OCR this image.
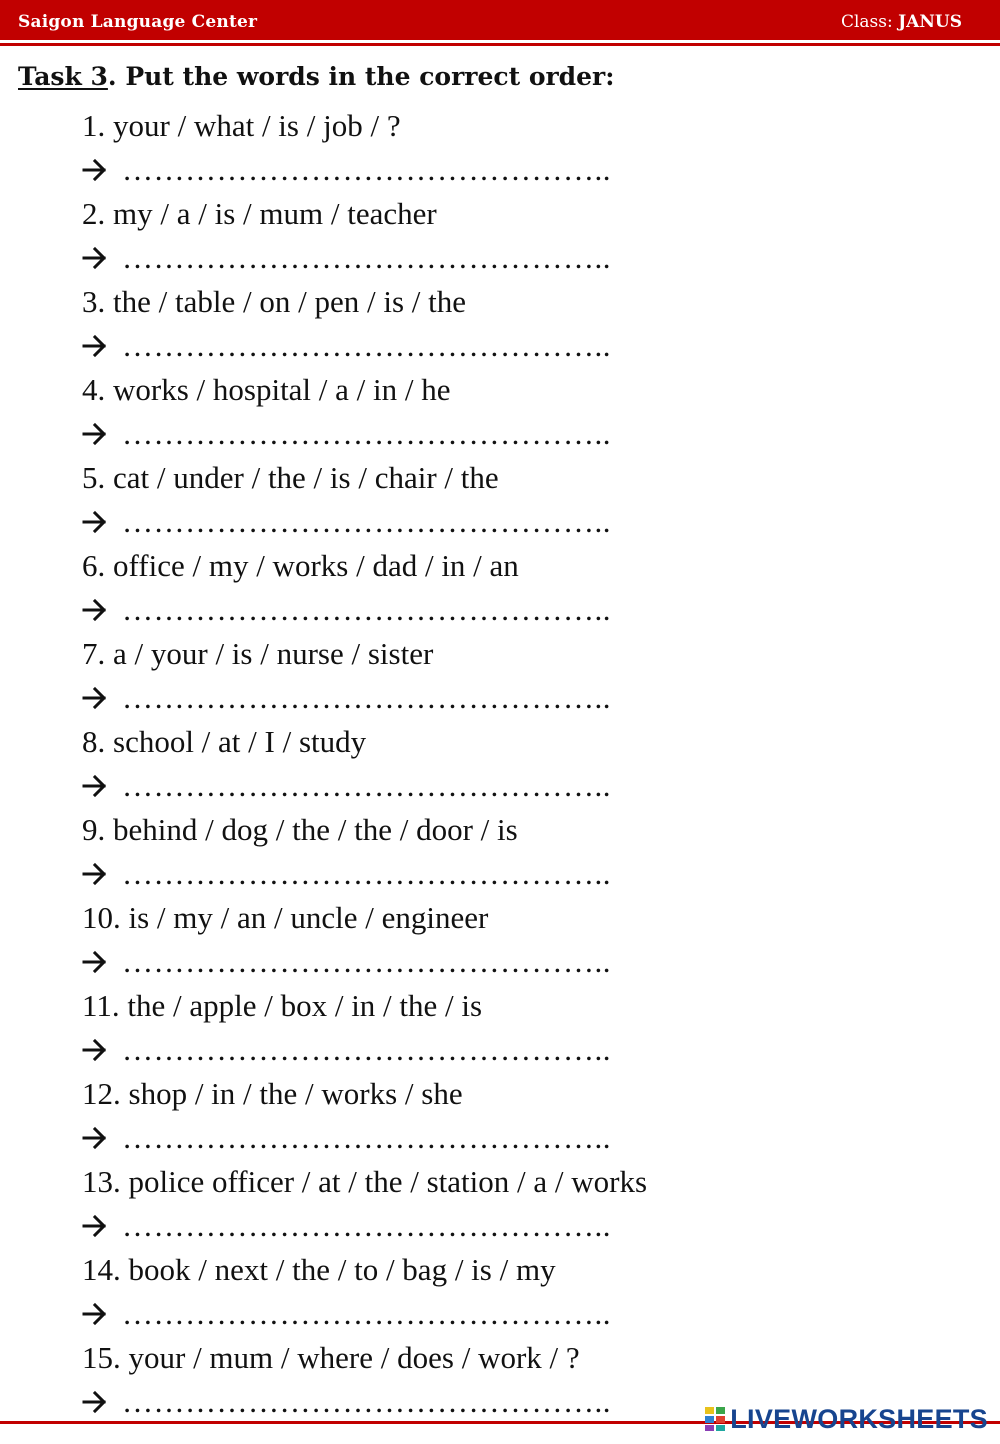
Saigon Language Center	Class: JANUS
Task 3. Put the words in the correct order:
1. your / what / is / job / ?
………………………………………..
2. my / a / is / mum / teacher
………………………………………..
3. the / table / on / pen / is / the
………………………………………..
4. works / hospital / a / in / he
………………………………………..
5. cat / under / the / is / chair / the
………………………………………..
6. office / my / works / dad / in / an
………………………………………..
7. a / your / is / nurse / sister
………………………………………..
8. school / at / I / study
………………………………………..
9. behind / dog / the / the / door / is
………………………………………..
10. is / my / an / uncle / engineer
………………………………………..
11. the / apple / box / in / the / is
………………………………………..
12. shop / in / the / works / she
………………………………………..
13. police officer / at / the / station / a / works
………………………………………..
14. book / next / the / to / bag / is / my
………………………………………..
15. your / mum / where / does / work / ?
………………………………………..	LIVEWORKSHEETS
